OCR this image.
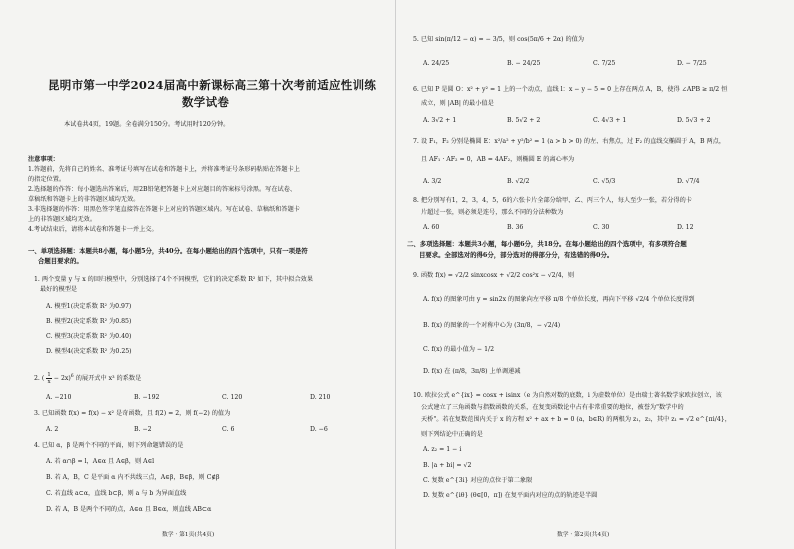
昆明市第一中学2024届高中新课标高三第十次考前适应性训练
数学试卷
本试卷共4页，19题。全卷满分150分。考试用时120分钟。
注意事项：
1.答题前，先将自己的姓名、准考证号填写在试卷和答题卡上，并将准考证号条形码粘贴在答题卡上
的指定位置。
2.选择题的作答：每小题选出答案后，用2B铅笔把答题卡上对应题目的答案标号涂黑。写在试卷、
草稿纸和答题卡上的非答题区域均无效。
3.非选择题的作答：用黑色签字笔直接答在答题卡上对应的答题区域内。写在试卷、草稿纸和答题卡
上的非答题区域均无效。
4.考试结束后，请将本试卷和答题卡一并上交。
一、单项选择题：本题共8小题，每小题5分，共40分。在每小题给出的四个选项中，只有一项是符
合题目要求的。
1. 两个变量 y 与 x 的回归模型中，分别选择了4个不同模型，它们的决定系数 R² 如下，其中拟合效果
最好的模型是
A. 模型1(决定系数 R² 为0.97)
B. 模型2(决定系数 R² 为0.85)
C. 模型3(决定系数 R² 为0.40)
D. 模型4(决定系数 R² 为0.25)
2. ( $\frac{1}{x} - 2x)^6$ 的展开式中 x³ 的系数是
A. −210	B. −192	C. 120	D. 210
3. 已知函数 f(x) = f(x) − x² 是奇函数，且 f(2) = 2，则 f(−2) 的值为
A. 2	B. −2	C. 6	D. −6
4. 已知 α，β 是两个不同的平面，则下列命题错误的是
A. 若 α∩β = l，A∈α 且 A∈β，则 A∈l
B. 若 A，B，C 是平面 α 内不共线三点，A∈β，B∈β，则 C∉β
C. 若直线 a⊂α，直线 b⊂β，则 a 与 b 为异面直线
D. 若 A，B 是两个不同的点，A∈α 且 B∈α，则直线 AB⊂α
数学 · 第1页(共4页)
5. 已知 sin(π/12 − α) = − 3/5，则 cos(5π/6 + 2α) 的值为
A. 24/25	B. − 24/25	C. 7/25	D. − 7/25
6. 已知 P 是圆 O：x² + y² = 1 上的一个动点，直线 l：x − y − 5 = 0 上存在两点 A，B，使得 ∠APB ≥ π/2 恒
成立，则 |AB| 的最小值是
A. 3√2 + 1	B. 5√2 + 2	C. 4√3 + 1	D. 5√3 + 2
7. 设 F₁，F₂ 分别是椭圆 E：x²/a² + y²/b² = 1 (a > b > 0) 的左、右焦点，过 F₂ 的直线交椭圆于 A，B 两点，
且 AF₁ · AF₂ = 0，AB = 4AF₂，则椭圆 E 的离心率为
A. 3/2	B. √2/2	C. √5/3	D. √7/4
8. 把分别写有1，2，3，4，5，6的六张卡片全部分给甲、乙、丙三个人，每人至少一张，若分得的卡
片超过一张，则必须是连号，那么不同的分法种数为
A. 60	B. 36	C. 30	D. 12
二、多项选择题：本题共3小题，每小题6分，共18分。在每小题给出的四个选项中，有多项符合题
目要求。全部选对的得6分，部分选对的得部分分，有选错的得0分。
9. 函数 f(x) = √2/2 sinxcosx + √2/2 cos²x − √2/4，则
A. f(x) 的图象可由 y = sin2x 的图象向左平移 π/8 个单位长度，再向下平移 √2/4 个单位长度得到
B. f(x) 的图象的一个对称中心为 (3π/8，− √2/4)
C. f(x) 的最小值为 − 1/2
D. f(x) 在 (π/8，3π/8) 上单调递减
10. 欧拉公式 e^{ix} = cosx + isinx（e 为自然对数的底数，i 为虚数单位）是由瑞士著名数学家欧拉创立，该
公式建立了三角函数与指数函数的关系，在复变函数论中占有非常重要的地位，被誉为"数学中的
天桥"。若在复数范围内关于 x 的方程 x² + ax + b = 0 (a，b∈R) 的两根为 z₁，z₂，其中 z₁ = √2 e^{πi/4}，
则下列结论中正确的是
A. z₂ = 1 − i
B. |a + bi| = √2
C. 复数 e^{3i} 对应的点位于第二象限
D. 复数 e^{iθ} (θ∈[0，π]) 在复平面内对应的点的轨迹是半圆
数学 · 第2页(共4页)
